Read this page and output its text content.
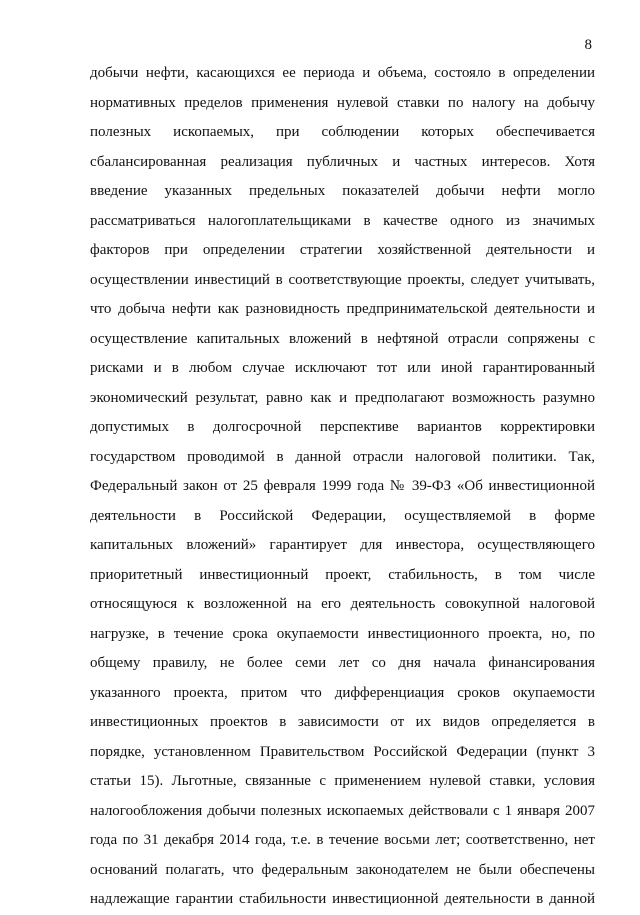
8
добычи нефти, касающихся ее периода и объема, состояло в определении
нормативных пределов применения нулевой ставки по налогу на добычу
полезных ископаемых, при соблюдении которых обеспечивается
сбалансированная реализация публичных и частных интересов. Хотя
введение указанных предельных показателей добычи нефти могло
рассматриваться налогоплательщиками в качестве одного из значимых
факторов при определении стратегии хозяйственной деятельности и
осуществлении инвестиций в соответствующие проекты, следует учитывать,
что добыча нефти как разновидность предпринимательской деятельности и
осуществление капитальных вложений в нефтяной отрасли сопряжены с
рисками и в любом случае исключают тот или иной гарантированный
экономический результат, равно как и предполагают возможность разумно
допустимых в долгосрочной перспективе вариантов корректировки
государством проводимой в данной отрасли налоговой политики. Так,
Федеральный закон от 25 февраля 1999 года № 39-ФЗ «Об инвестиционной
деятельности в Российской Федерации, осуществляемой в форме
капитальных вложений» гарантирует для инвестора, осуществляющего
приоритетный инвестиционный проект, стабильность, в том числе
относящуюся к возложенной на его деятельность совокупной налоговой
нагрузке, в течение срока окупаемости инвестиционного проекта, но, по
общему правилу, не более семи лет со дня начала финансирования
указанного проекта, притом что дифференциация сроков окупаемости
инвестиционных проектов в зависимости от их видов определяется в
порядке, установленном Правительством Российской Федерации (пункт 3
статьи 15). Льготные, связанные с применением нулевой ставки, условия
налогообложения добычи полезных ископаемых действовали с 1 января 2007
года по 31 декабря 2014 года, т.е. в течение восьми лет; соответственно, нет
оснований полагать, что федеральным законодателем не были обеспечены
надлежащие гарантии стабильности инвестиционной деятельности в данной
